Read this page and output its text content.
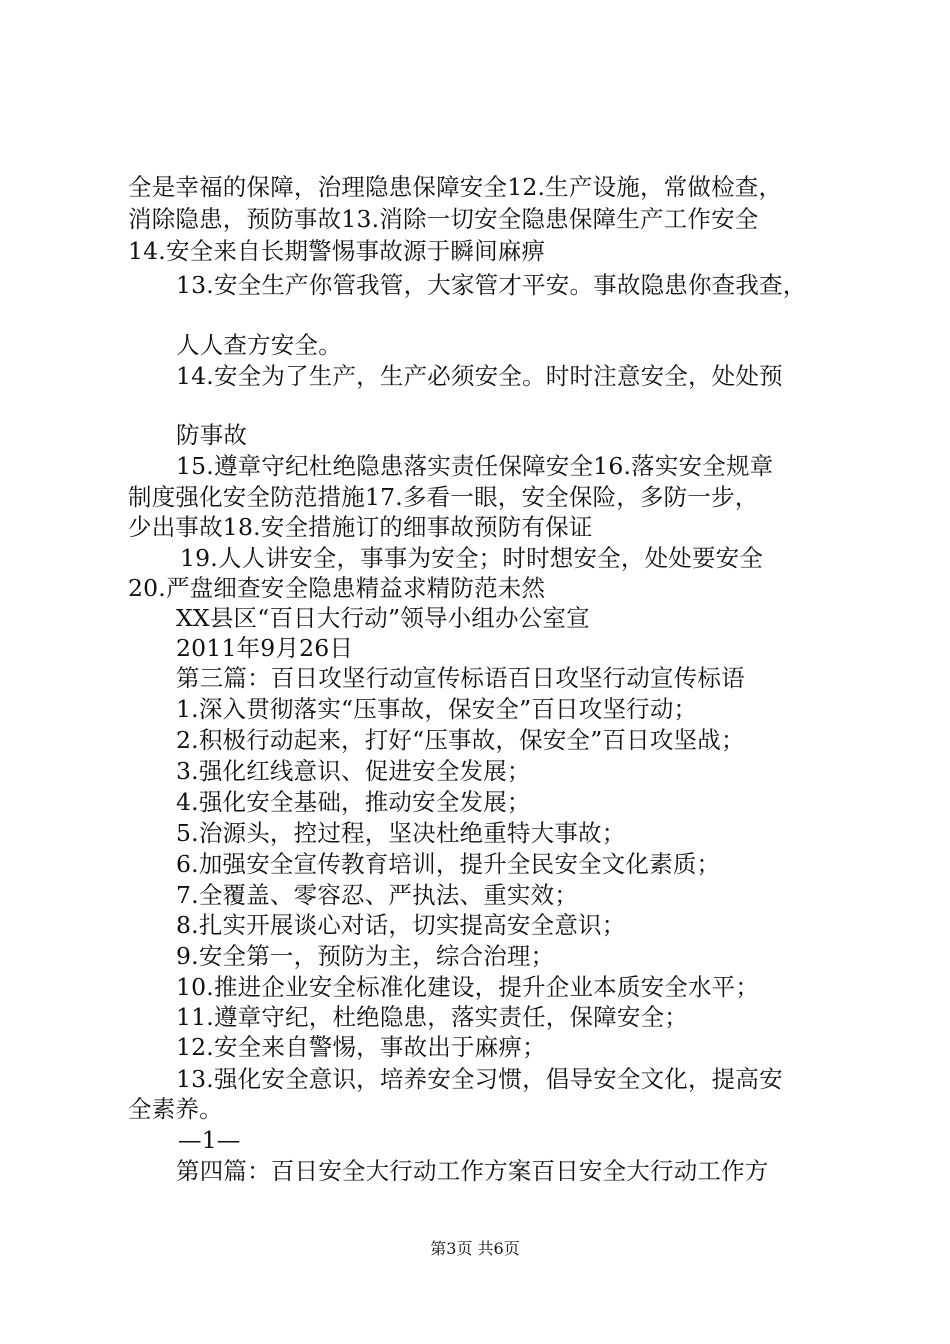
全是幸福的保障，治理隐患保障安全12.生产设施，常做检查，
消除隐患，预防事故13.消除一切安全隐患保障生产工作安全
14.安全来自长期警惕事故源于瞬间麻痹
13.安全生产你管我管，大家管才平安。事故隐患你查我查，
人人查方安全。
14.安全为了生产，生产必须安全。时时注意安全，处处预
防事故
15.遵章守纪杜绝隐患落实责任保障安全16.落实安全规章
制度强化安全防范措施17.多看一眼，安全保险，多防一步，
少出事故18.安全措施订的细事故预防有保证
19.人人讲安全，事事为安全；时时想安全，处处要安全
20.严盘细查安全隐患精益求精防范未然
XX县区“百日大行动”领导小组办公室宣
2011年9月26日
第三篇：百日攻坚行动宣传标语百日攻坚行动宣传标语
1.深入贯彻落实“压事故，保安全”百日攻坚行动；
2.积极行动起来，打好“压事故，保安全”百日攻坚战；
3.强化红线意识、促进安全发展；
4.强化安全基础，推动安全发展；
5.治源头，控过程，坚决杜绝重特大事故；
6.加强安全宣传教育培训，提升全民安全文化素质；
7.全覆盖、零容忍、严执法、重实效；
8.扎实开展谈心对话，切实提高安全意识；
9.安全第一，预防为主，综合治理；
10.推进企业安全标准化建设，提升企业本质安全水平；
11.遵章守纪，杜绝隐患，落实责任，保障安全；
12.安全来自警惕，事故出于麻痹；
13.强化安全意识，培养安全习惯，倡导安全文化，提高安
全素养。
—1—
第四篇：百日安全大行动工作方案百日安全大行动工作方
第3页 共6页
